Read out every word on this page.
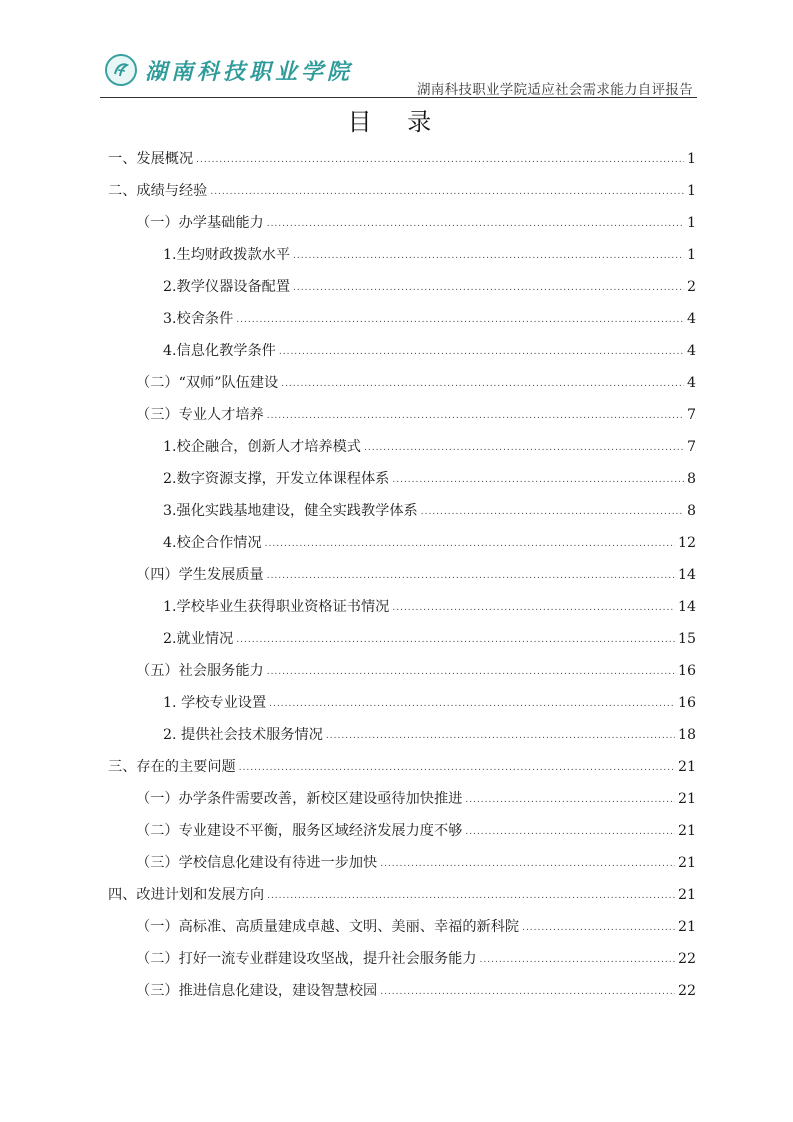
湖南科技职业学院
湖南科技职业学院适应社会需求能力自评报告
目 录
一、发展概况 .....	1
二、成绩与经验 .....	1
（一）办学基础能力 .....	1
1.生均财政拨款水平 .....	1
2.教学仪器设备配置 .....	2
3.校舍条件 .....	4
4.信息化教学条件 .....	4
（二）“双师”队伍建设 .....	4
（三）专业人才培养 .....	7
1.校企融合，创新人才培养模式 .....	7
2.数字资源支撑，开发立体课程体系 .....	8
3.强化实践基地建设，健全实践教学体系 .....	8
4.校企合作情况 .....	12
（四）学生发展质量 .....	14
1.学校毕业生获得职业资格证书情况 .....	14
2.就业情况 .....	15
（五）社会服务能力 .....	16
1. 学校专业设置 .....	16
2. 提供社会技术服务情况 .....	18
三、存在的主要问题 .....	21
（一）办学条件需要改善，新校区建设亟待加快推进 .....	21
（二）专业建设不平衡，服务区域经济发展力度不够 .....	21
（三）学校信息化建设有待进一步加快 .....	21
四、改进计划和发展方向 .....	21
（一）高标准、高质量建成卓越、文明、美丽、幸福的新科院 .....	21
（二）打好一流专业群建设攻坚战，提升社会服务能力 .....	22
（三）推进信息化建设，建设智慧校园 .....	22
